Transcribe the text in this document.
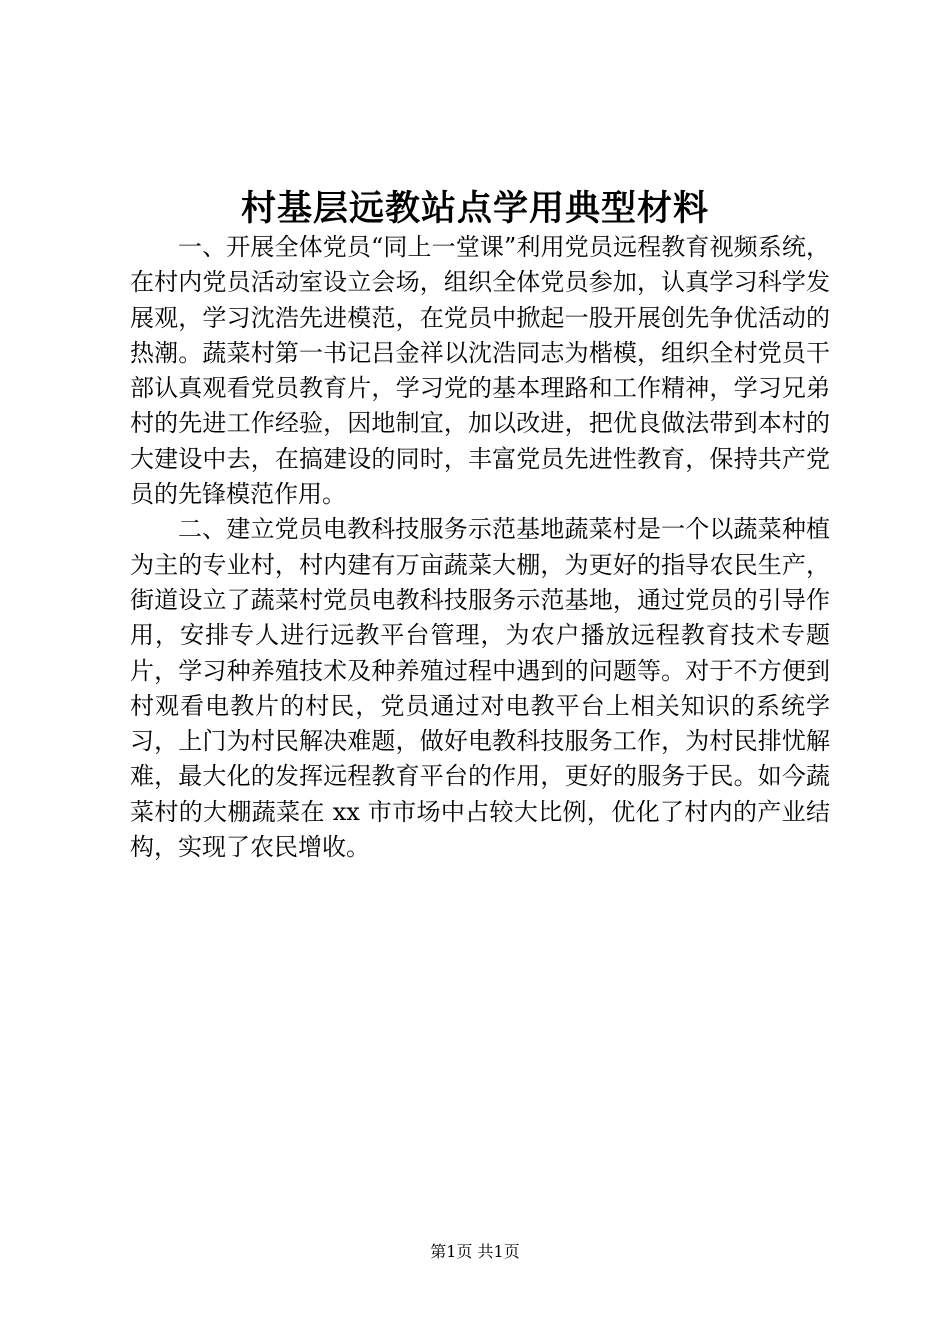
村基层远教站点学用典型材料

一、开展全体党员“同上一堂课”利用党员远程教育视频系统，在村内党员活动室设立会场，组织全体党员参加，认真学习科学发展观，学习沈浩先进模范，在党员中掀起一股开展创先争优活动的热潮。蔬菜村第一书记吕金祥以沈浩同志为楷模，组织全村党员干部认真观看党员教育片，学习党的基本理路和工作精神，学习兄弟村的先进工作经验，因地制宜，加以改进，把优良做法带到本村的大建设中去，在搞建设的同时，丰富党员先进性教育，保持共产党员的先锋模范作用。

二、建立党员电教科技服务示范基地蔬菜村是一个以蔬菜种植为主的专业村，村内建有万亩蔬菜大棚，为更好的指导农民生产，街道设立了蔬菜村党员电教科技服务示范基地，通过党员的引导作用，安排专人进行远教平台管理，为农户播放远程教育技术专题片，学习种养殖技术及种养殖过程中遇到的问题等。对于不方便到村观看电教片的村民，党员通过对电教平台上相关知识的系统学习，上门为村民解决难题，做好电教科技服务工作，为村民排忧解难，最大化的发挥远程教育平台的作用，更好的服务于民。如今蔬菜村的大棚蔬菜在 xx 市市场中占较大比例，优化了村内的产业结构，实现了农民增收。

第1页 共1页
